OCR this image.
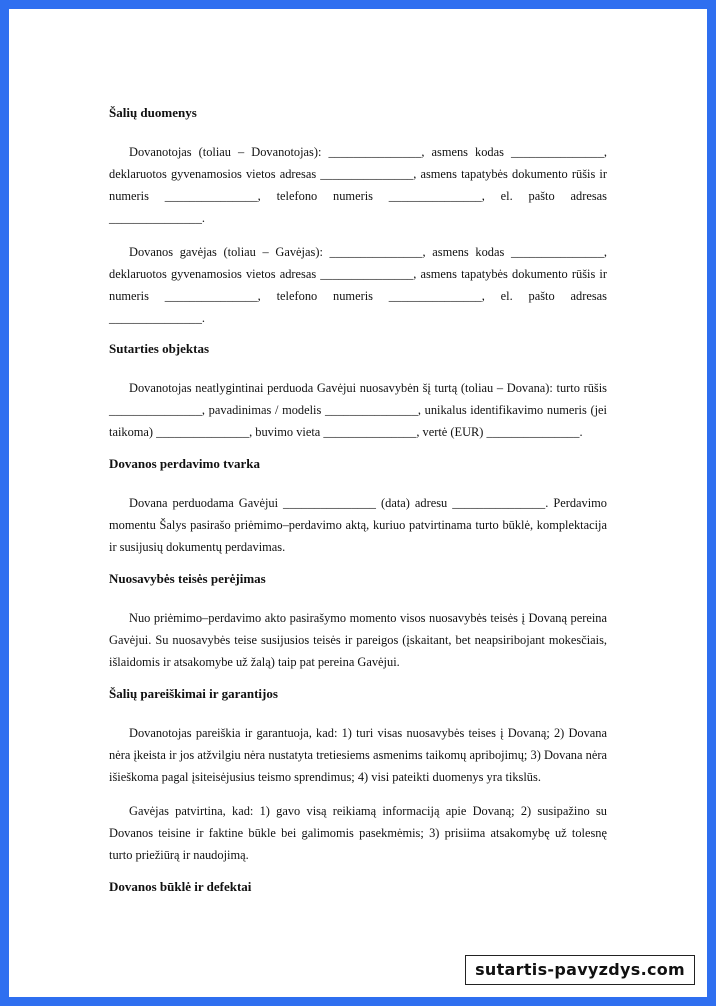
Šalių duomenys

Dovanotojas (toliau – Dovanotojas): _______________, asmens kodas _______________, deklaruotos gyvenamosios vietos adresas _______________, asmens tapatybės dokumento rūšis ir numeris _______________, telefono numeris _______________, el. pašto adresas _______________.

Dovanos gavėjas (toliau – Gavėjas): _______________, asmens kodas _______________, deklaruotos gyvenamosios vietos adresas _______________, asmens tapatybės dokumento rūšis ir numeris _______________, telefono numeris _______________, el. pašto adresas _______________.

Sutarties objektas

Dovanotojas neatlygintinai perduoda Gavėjui nuosavybėn šį turtą (toliau – Dovana): turto rūšis _______________, pavadinimas / modelis _______________, unikalus identifikavimo numeris (jei taikoma) _______________, buvimo vieta _______________, vertė (EUR) _______________.

Dovanos perdavimo tvarka

Dovana perduodama Gavėjui _______________ (data) adresu _______________. Perdavimo momentu Šalys pasirašo priėmimo–perdavimo aktą, kuriuo patvirtinama turto būklė, komplektacija ir susijusių dokumentų perdavimas.

Nuosavybės teisės perėjimas

Nuo priėmimo–perdavimo akto pasirašymo momento visos nuosavybės teisės į Dovaną pereina Gavėjui. Su nuosavybės teise susijusios teisės ir pareigos (įskaitant, bet neapsiribojant mokesčiais, išlaidomis ir atsakomybe už žalą) taip pat pereina Gavėjui.

Šalių pareiškimai ir garantijos

Dovanotojas pareiškia ir garantuoja, kad: 1) turi visas nuosavybės teises į Dovaną; 2) Dovana nėra įkeista ir jos atžvilgiu nėra nustatyta tretiesiems asmenims taikomų apribojimų; 3) Dovana nėra išieškoma pagal įsiteisėjusius teismo sprendimus; 4) visi pateikti duomenys yra tikslūs.

Gavėjas patvirtina, kad: 1) gavo visą reikiamą informaciją apie Dovaną; 2) susipažino su Dovanos teisine ir faktine būkle bei galimomis pasekmėmis; 3) prisiima atsakomybę už tolesnę turto priežiūrą ir naudojimą.

Dovanos būklė ir defektai
sutartis-pavyzdys.com
